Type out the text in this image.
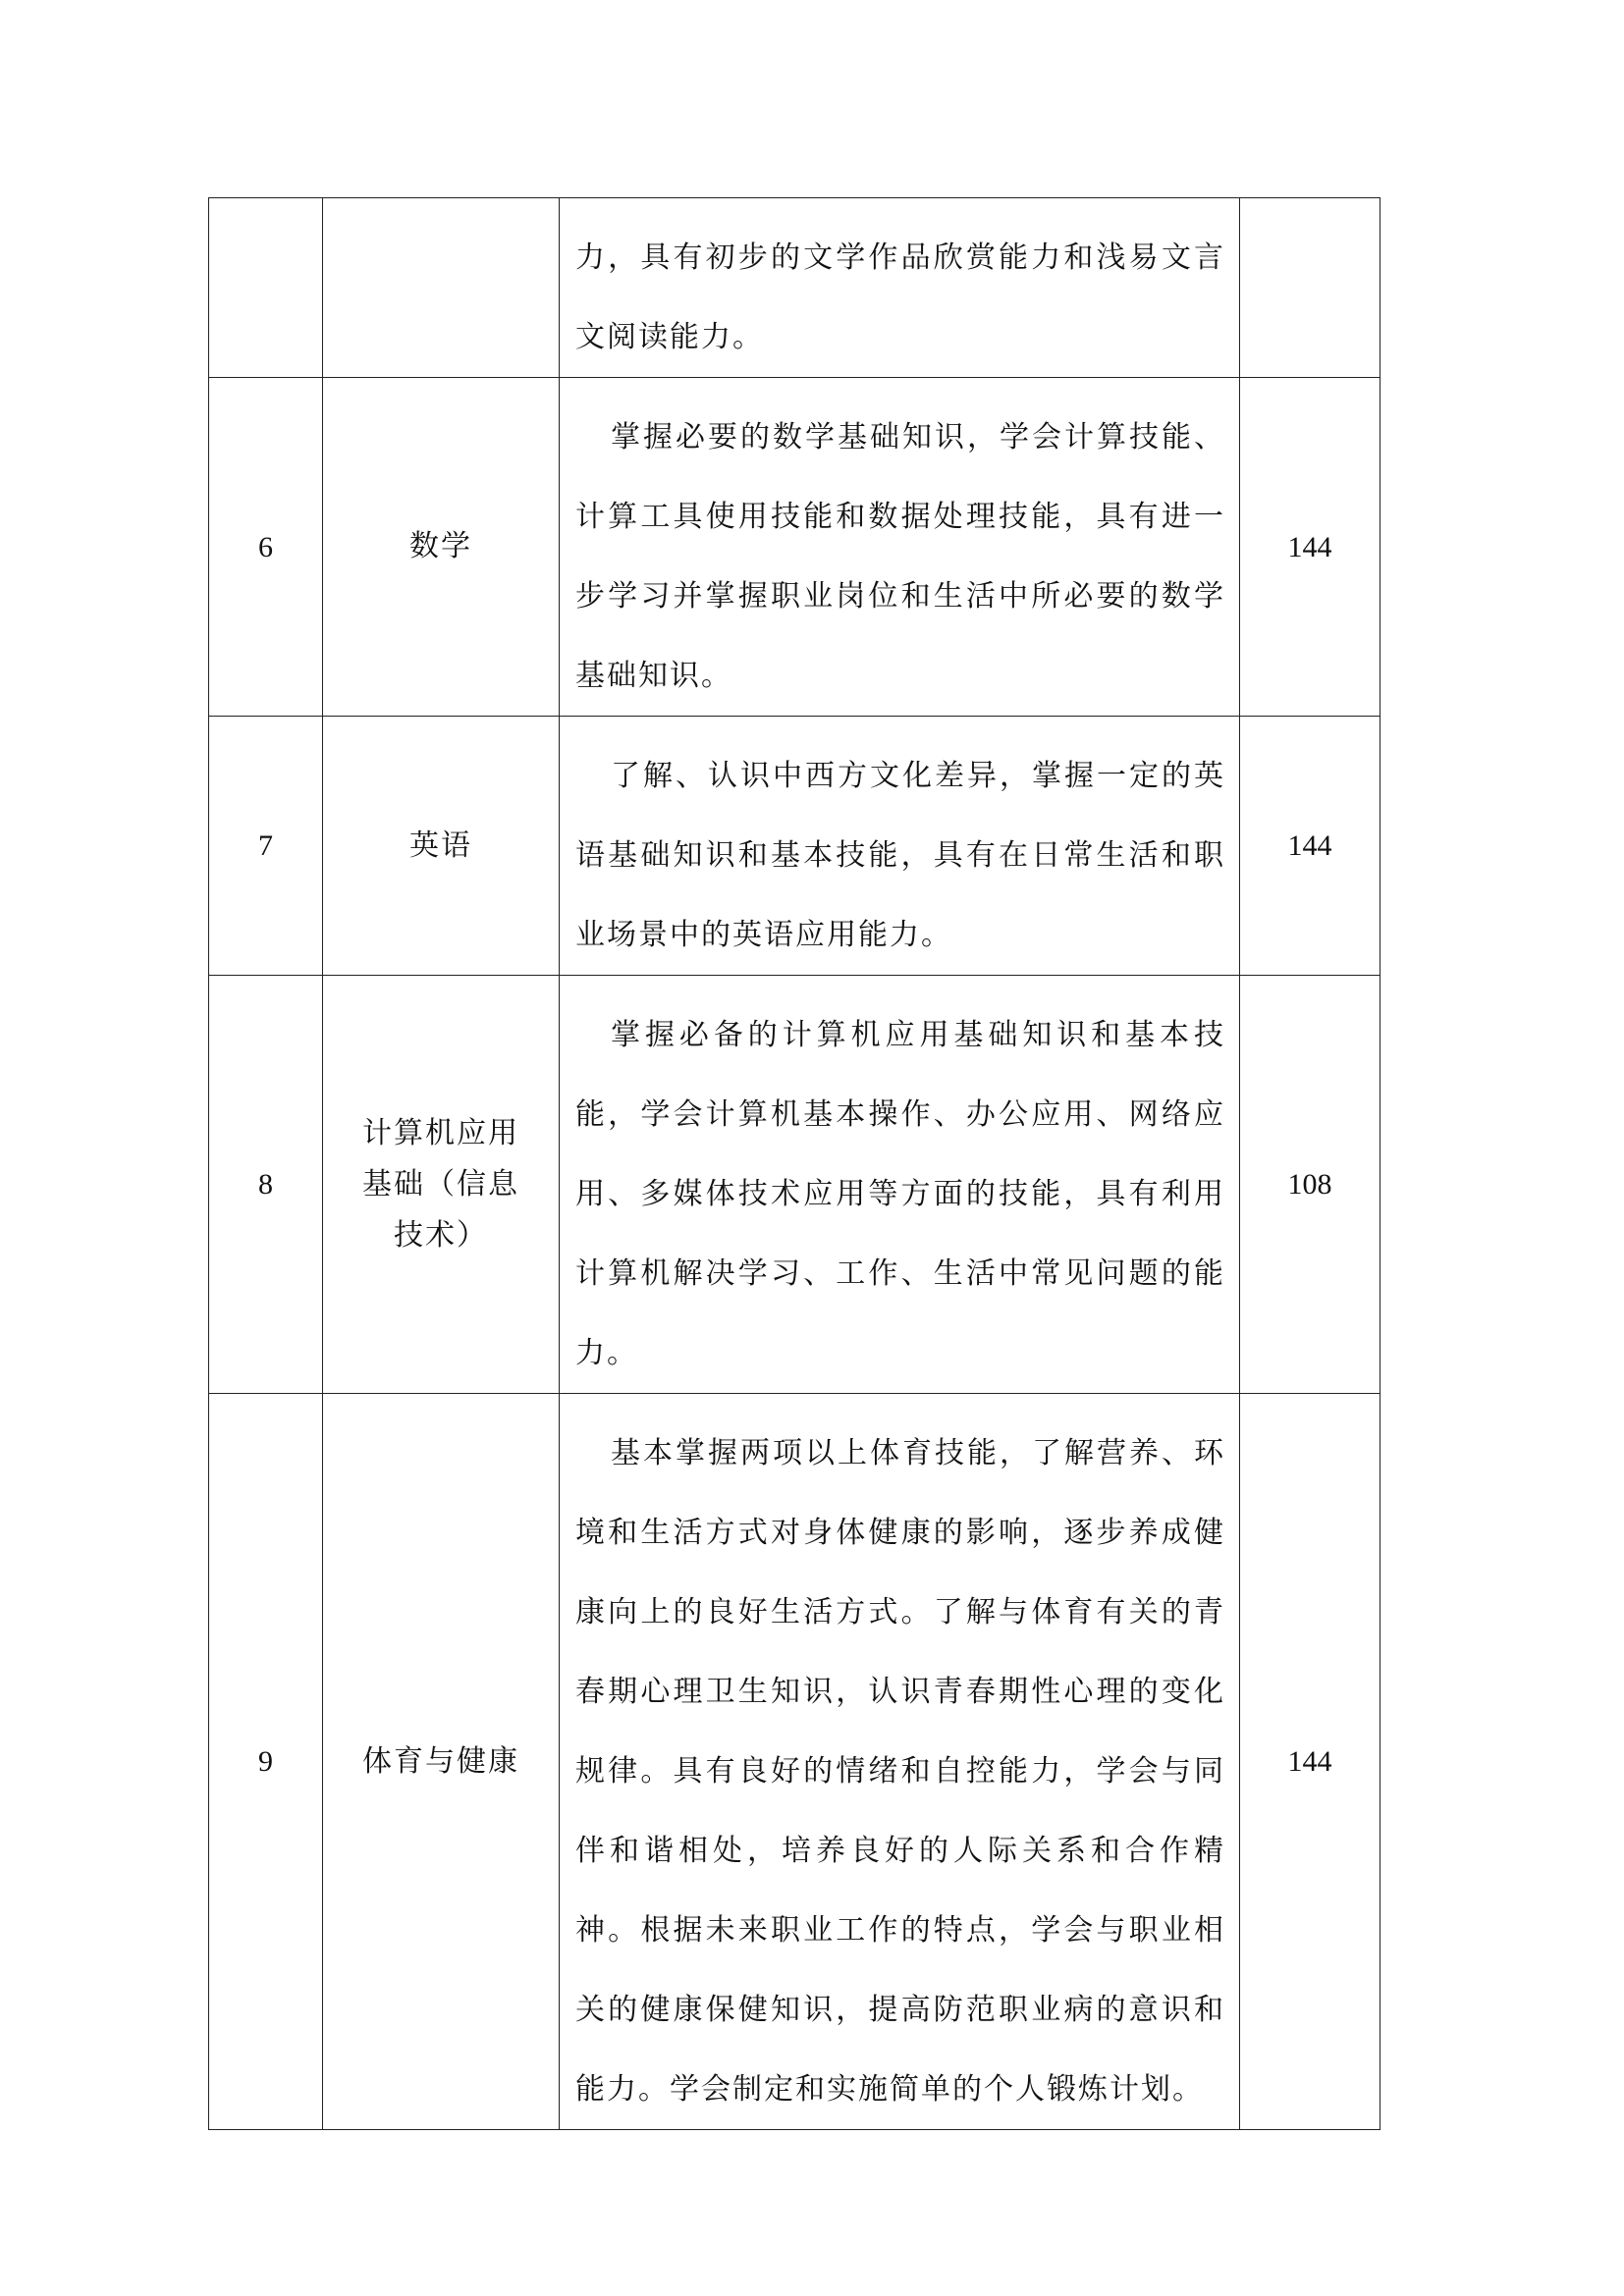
		力，具有初步的文学作品欣赏能力和浅易文言文阅读能力。	

6	数学	掌握必要的数学基础知识，学会计算技能、计算工具使用技能和数据处理技能，具有进一步学习并掌握职业岗位和生活中所必要的数学基础知识。	144
7	英语	了解、认识中西方文化差异，掌握一定的英语基础知识和基本技能，具有在日常生活和职业场景中的英语应用能力。	144
8	计算机应用基础（信息技术）	掌握必备的计算机应用基础知识和基本技能，学会计算机基本操作、办公应用、网络应用、多媒体技术应用等方面的技能，具有利用计算机解决学习、工作、生活中常见问题的能力。	108
9	体育与健康	基本掌握两项以上体育技能，了解营养、环境和生活方式对身体健康的影响，逐步养成健康向上的良好生活方式。了解与体育有关的青春期心理卫生知识，认识青春期性心理的变化规律。具有良好的情绪和自控能力，学会与同伴和谐相处，培养良好的人际关系和合作精神。根据未来职业工作的特点，学会与职业相关的健康保健知识，提高防范职业病的意识和能力。学会制定和实施简单的个人锻炼计划。	144
